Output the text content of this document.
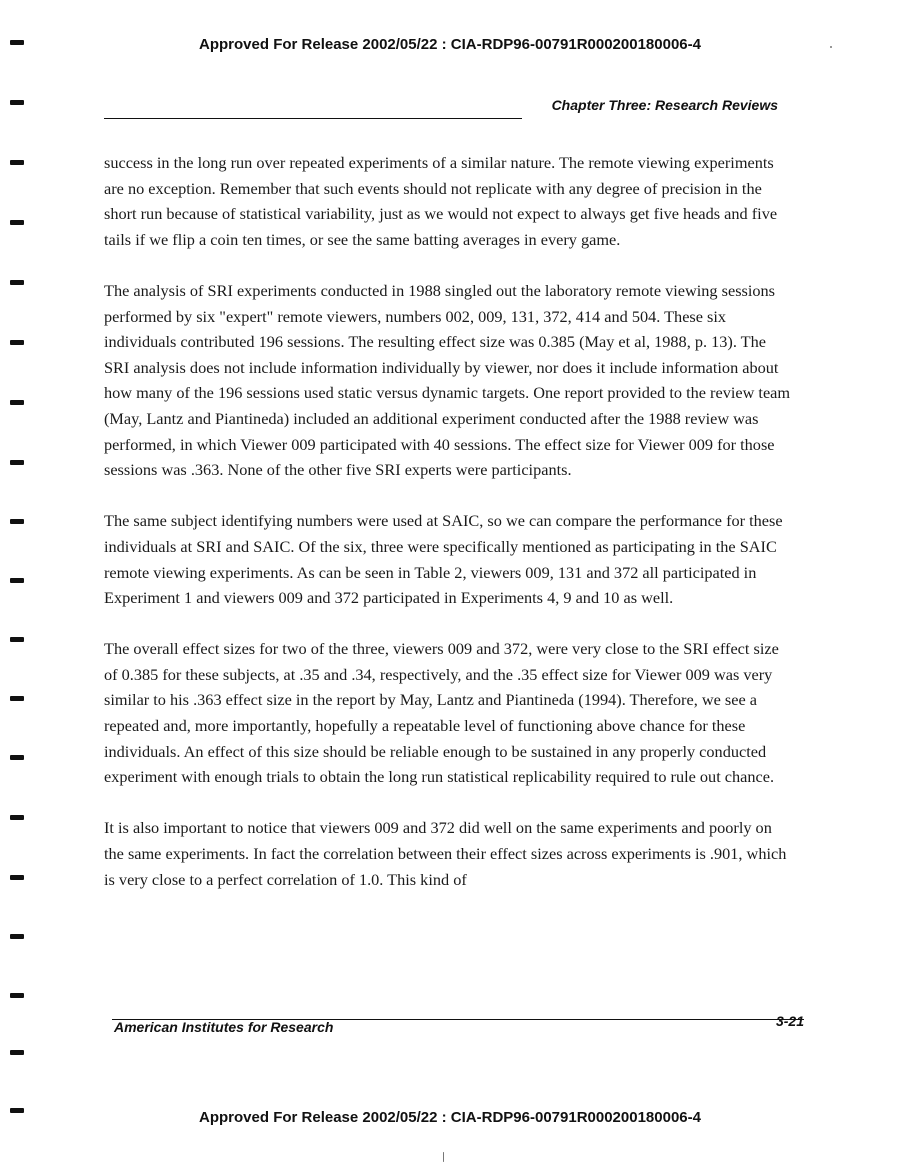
Approved For Release 2002/05/22 : CIA-RDP96-00791R000200180006-4
Chapter Three: Research Reviews

success in the long run over repeated experiments of a similar nature. The remote viewing experiments are no exception. Remember that such events should not replicate with any degree of precision in the short run because of statistical variability, just as we would not expect to always get five heads and five tails if we flip a coin ten times, or see the same batting averages in every game.

The analysis of SRI experiments conducted in 1988 singled out the laboratory remote viewing sessions performed by six "expert" remote viewers, numbers 002, 009, 131, 372, 414 and 504. These six individuals contributed 196 sessions. The resulting effect size was 0.385 (May et al, 1988, p. 13). The SRI analysis does not include information individually by viewer, nor does it include information about how many of the 196 sessions used static versus dynamic targets. One report provided to the review team (May, Lantz and Piantineda) included an additional experiment conducted after the 1988 review was performed, in which Viewer 009 participated with 40 sessions. The effect size for Viewer 009 for those sessions was .363. None of the other five SRI experts were participants.

The same subject identifying numbers were used at SAIC, so we can compare the performance for these individuals at SRI and SAIC. Of the six, three were specifically mentioned as participating in the SAIC remote viewing experiments. As can be seen in Table 2, viewers 009, 131 and 372 all participated in Experiment 1 and viewers 009 and 372 participated in Experiments 4, 9 and 10 as well.

The overall effect sizes for two of the three, viewers 009 and 372, were very close to the SRI effect size of 0.385 for these subjects, at .35 and .34, respectively, and the .35 effect size for Viewer 009 was very similar to his .363 effect size in the report by May, Lantz and Piantineda (1994). Therefore, we see a repeated and, more importantly, hopefully a repeatable level of functioning above chance for these individuals. An effect of this size should be reliable enough to be sustained in any properly conducted experiment with enough trials to obtain the long run statistical replicability required to rule out chance.

It is also important to notice that viewers 009 and 372 did well on the same experiments and poorly on the same experiments. In fact the correlation between their effect sizes across experiments is .901, which is very close to a perfect correlation of 1.0. This kind of

American Institutes for Research	3-21
Approved For Release 2002/05/22 : CIA-RDP96-00791R000200180006-4
